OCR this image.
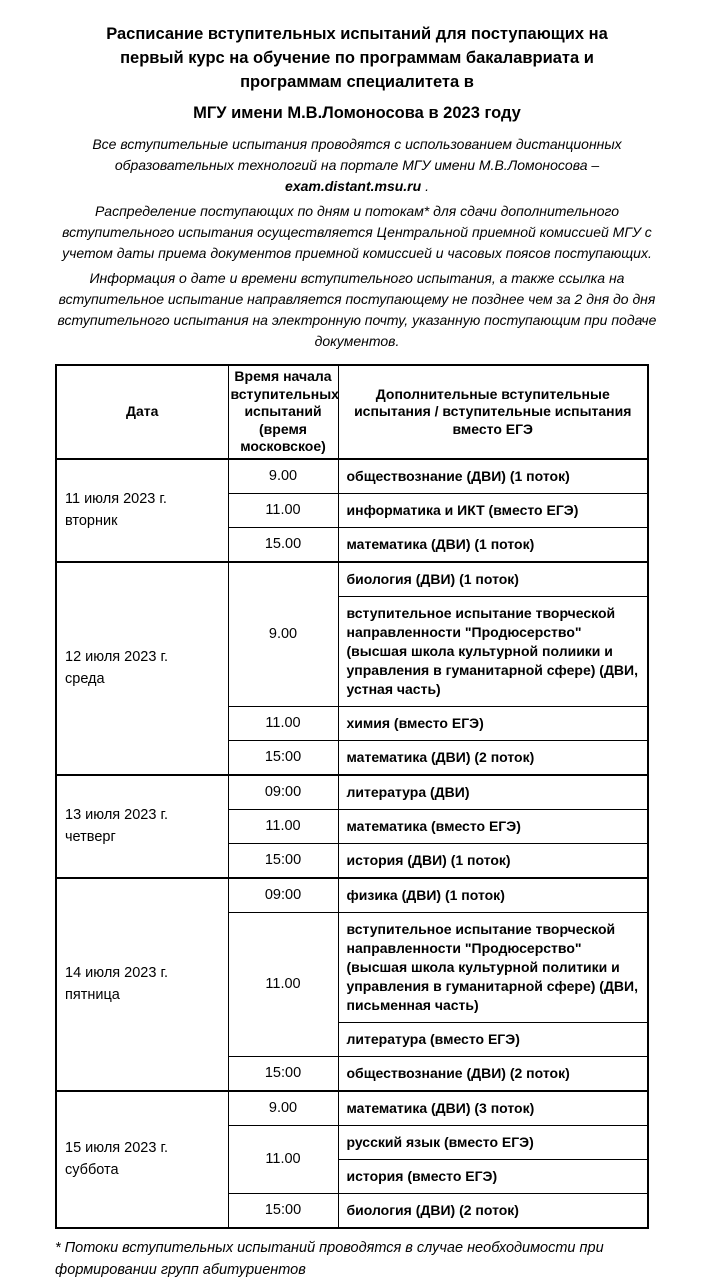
Расписание вступительных испытаний для поступающих на первый курс на обучение по программам бакалавриата и программам специалитета в
МГУ имени М.В.Ломоносова в 2023 году

Все вступительные испытания проводятся с использованием дистанционных образовательных технологий на портале МГУ имени М.В.Ломоносова – exam.distant.msu.ru .

Распределение поступающих по дням и потокам* для сдачи дополнительного вступительного испытания осуществляется Центральной приемной комиссией МГУ с учетом даты приема документов приемной комиссией и часовых поясов поступающих.

Информация о дате и времени вступительного испытания, а также ссылка на вступительное испытание направляется поступающему не позднее чем за 2 дня до дня вступительного испытания на электронную почту, указанную поступающим при подаче документов.

Дата	Время начала вступительных испытаний (время московское)	Дополнительные вступительные испытания / вступительные испытания вместо ЕГЭ

11 июля 2023 г.
вторник	9.00	обществознание (ДВИ) (1 поток)
	11.00	информатика и ИКТ (вместо ЕГЭ)
	15.00	математика (ДВИ) (1 поток)

12 июля 2023 г.
среда	9.00	биология (ДВИ) (1 поток)
		вступительное испытание творческой направленности "Продюсерство" (высшая школа культурной полиики и управления в гуманитарной сфере) (ДВИ, устная часть)
	11.00	химия (вместо ЕГЭ)
	15:00	математика (ДВИ) (2 поток)

13 июля 2023 г.
четверг	09:00	литература (ДВИ)
	11.00	математика (вместо ЕГЭ)
	15:00	история (ДВИ) (1 поток)

14 июля 2023 г.
пятница	09:00	физика (ДВИ) (1 поток)
	11.00	вступительное испытание творческой направленности "Продюсерство" (высшая школа культурной политики и управления в гуманитарной сфере) (ДВИ, письменная часть)
		литература (вместо ЕГЭ)
	15:00	обществознание (ДВИ) (2 поток)

15 июля 2023 г.
суббота	9.00	математика (ДВИ) (3 поток)
	11.00	русский язык (вместо ЕГЭ)
		история (вместо ЕГЭ)
	15:00	биология (ДВИ) (2 поток)
* Потоки вступительных испытаний проводятся в случае необходимости при формировании групп абитуриентов
